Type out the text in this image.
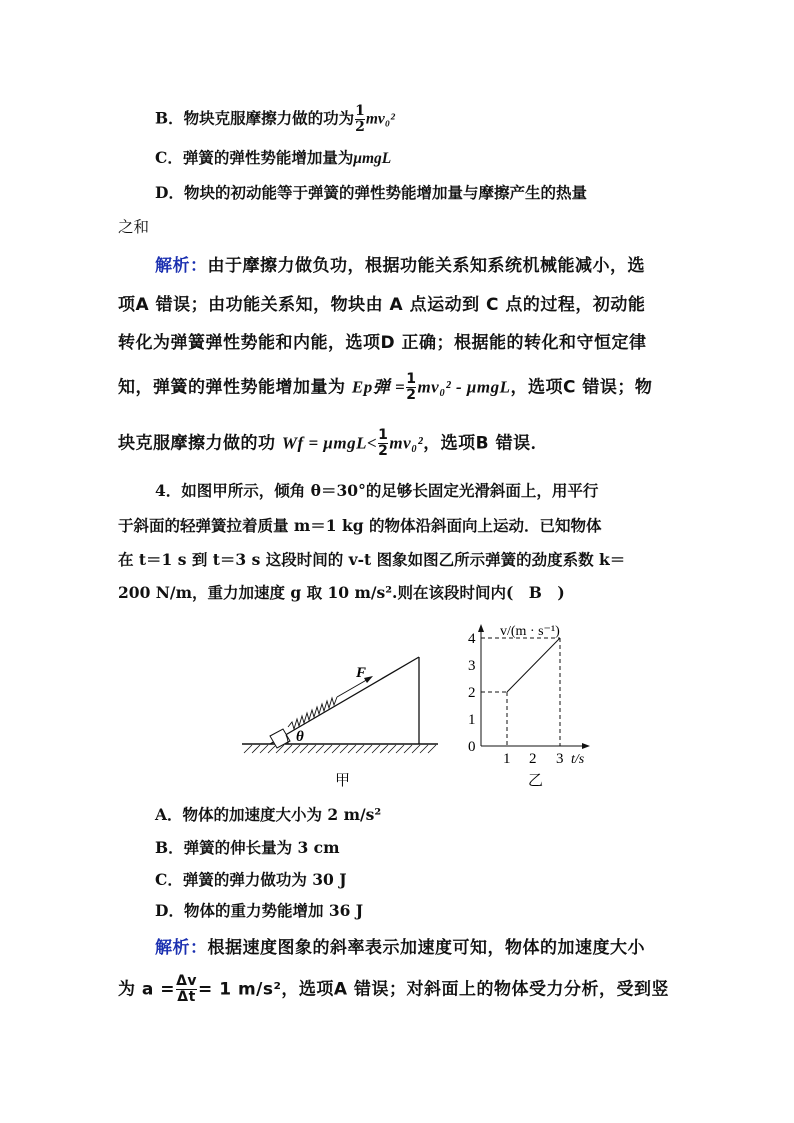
B．物块克服摩擦力做的功为 $\frac{1}{2} mv_0^2$
C．弹簧的弹性势能增加量为μmgL
D．物块的初动能等于弹簧的弹性势能增加量与摩擦产生的热量
之和
解析：由于摩擦力做负功，根据功能关系知系统机械能减小，选
项A 错误；由功能关系知，物块由 A 点运动到 C 点的过程，初动能
转化为弹簧弹性势能和内能，选项D 正确；根据能的转化和守恒定律
知，弹簧的弹性势能增加量为 Ep弹 = $\frac{1}{2} mv_0^2$ - μmgL，选项C 错误；物
块克服摩擦力做的功 $Wf = \mu mgL< \frac{1}{2} mv_0^2$，选项B 错误．
4．如图甲所示，倾角 θ＝30°的足够长固定光滑斜面上，用平行
于斜面的轻弹簧拉着质量 m＝1 kg 的物体沿斜面向上运动．已知物体
在 t＝1 s 到 t＝3 s 这段时间的 v-t 图象如图乙所示弹簧的劲度系数 k＝
200 N/m，重力加速度 g 取 10 m/s².则在该段时间内(　B　)
F
θ
甲
v/(m · s⁻¹)
0
1
2
3
4
1 2 3 t/s
乙
A．物体的加速度大小为 2 m/s²
B．弹簧的伸长量为 3 cm
C．弹簧的弹力做功为 30 J
D．物体的重力势能增加 36 J
解析：根据速度图象的斜率表示加速度可知，物体的加速度大小
为 $a = \frac{\Delta v}{\Delta t} = 1$ m/s²，选项A 错误；对斜面上的物体受力分析，受到竖
